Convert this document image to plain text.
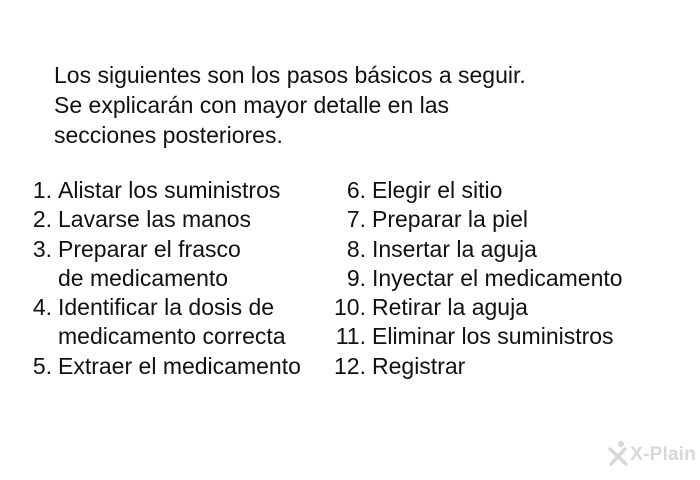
Los siguientes son los pasos básicos a seguir.
Se explicarán con mayor detalle en las
secciones posteriores.
1. Alistar los suministros
2. Lavarse las manos
3. Preparar el frasco
de medicamento
4. Identificar la dosis de
medicamento correcta
5. Extraer el medicamento
6. Elegir el sitio
7. Preparar la piel
8. Insertar la aguja
9. Inyectar el medicamento
10. Retirar la aguja
11. Eliminar los suministros
12. Registrar
X-Plain
